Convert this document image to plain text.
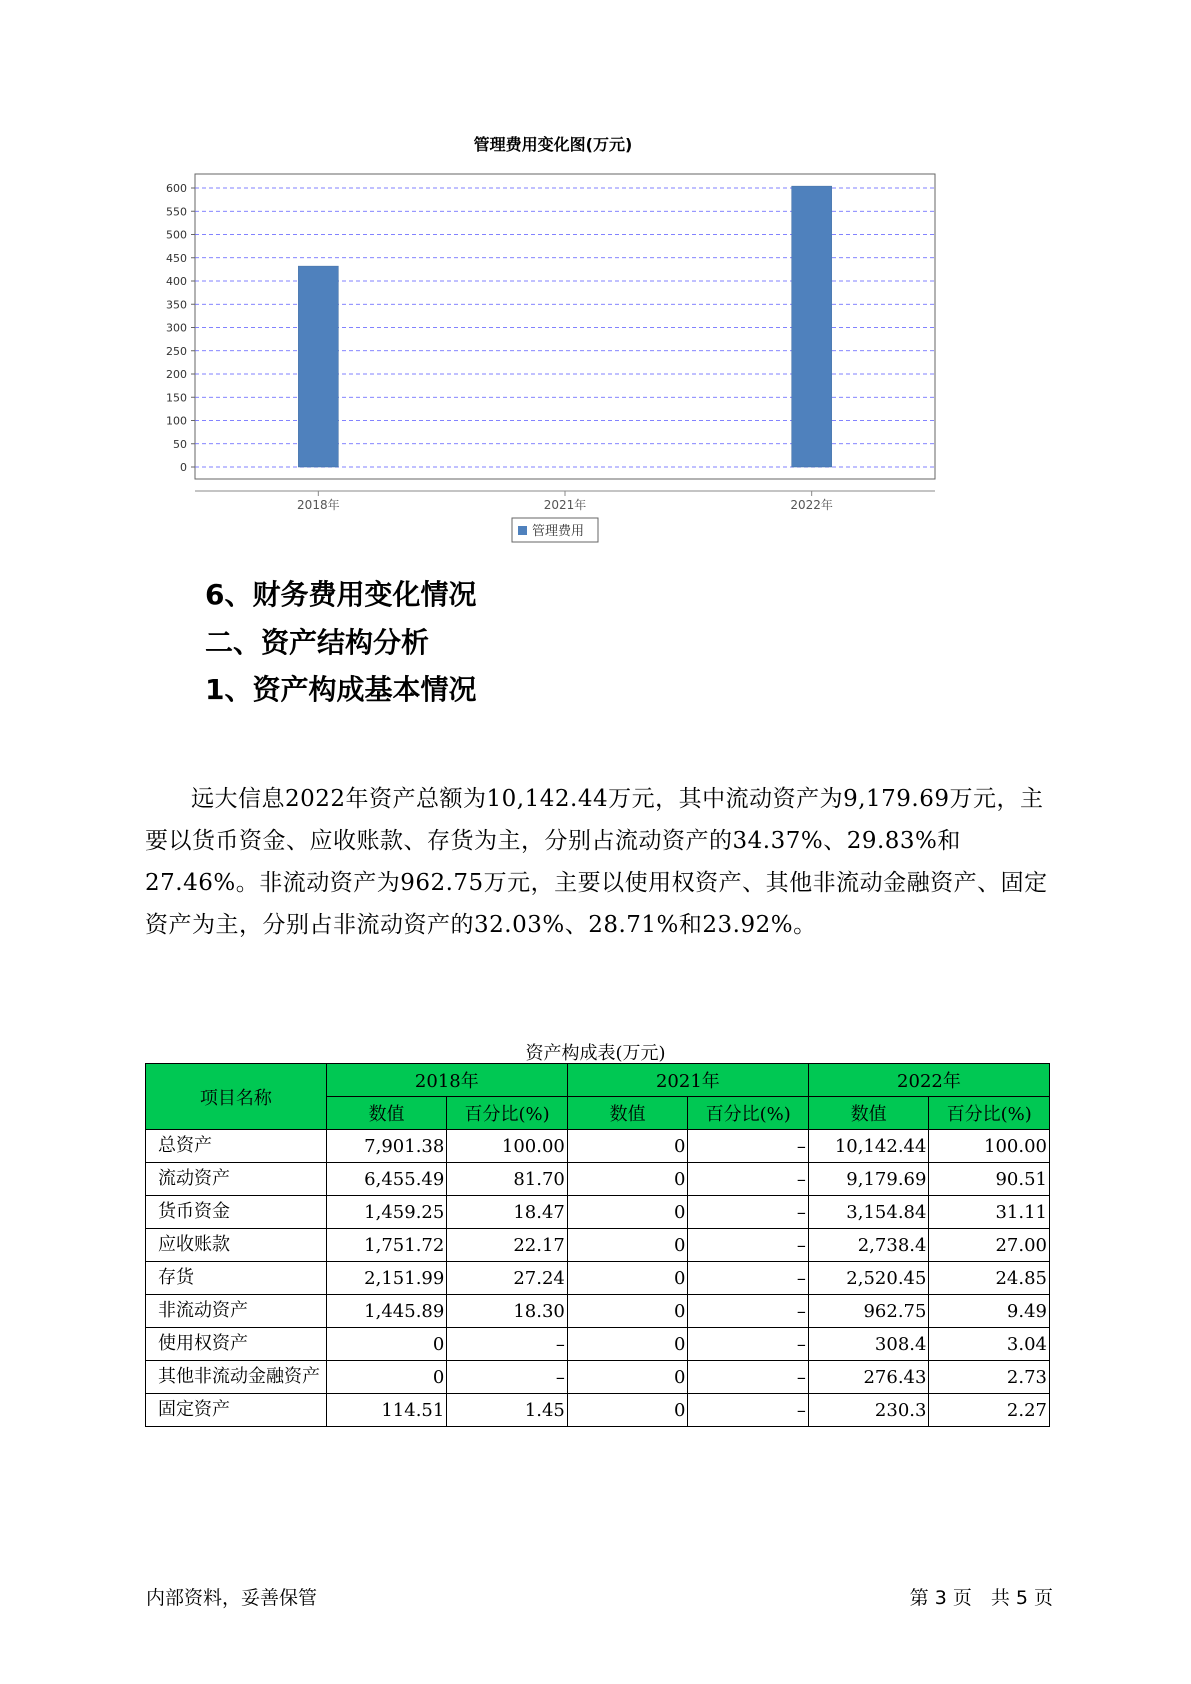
管理费用变化图(万元)
0
50
100
150
200
250
300
350
400
450
500
550
600
2018年	2021年	2022年
管理费用
6、财务费用变化情况
二、资产结构分析
1、资产构成基本情况

远大信息2022年资产总额为10,142.44万元，其中流动资产为9,179.69万元，主要以货币资金、应收账款、存货为主，分别占流动资产的34.37%、29.83%和27.46%。非流动资产为962.75万元，主要以使用权资产、其他非流动金融资产、固定资产为主，分别占非流动资产的32.03%、28.71%和23.92%。

资产构成表(万元)
项目名称	2018年		2021年		2022年	
	数值	百分比(%)	数值	百分比(%)	数值	百分比(%)
总资产	7,901.38	100.00	0	–	10,142.44	100.00
流动资产	6,455.49	81.70	0	–	9,179.69	90.51
货币资金	1,459.25	18.47	0	–	3,154.84	31.11
应收账款	1,751.72	22.17	0	–	2,738.4	27.00
存货	2,151.99	27.24	0	–	2,520.45	24.85
非流动资产	1,445.89	18.30	0	–	962.75	9.49
使用权资产	0	–	0	–	308.4	3.04
其他非流动金融资产	0	–	0	–	276.43	2.73
固定资产	114.51	1.45	0	–	230.3	2.27
内部资料，妥善保管	第 3 页　共 5 页
